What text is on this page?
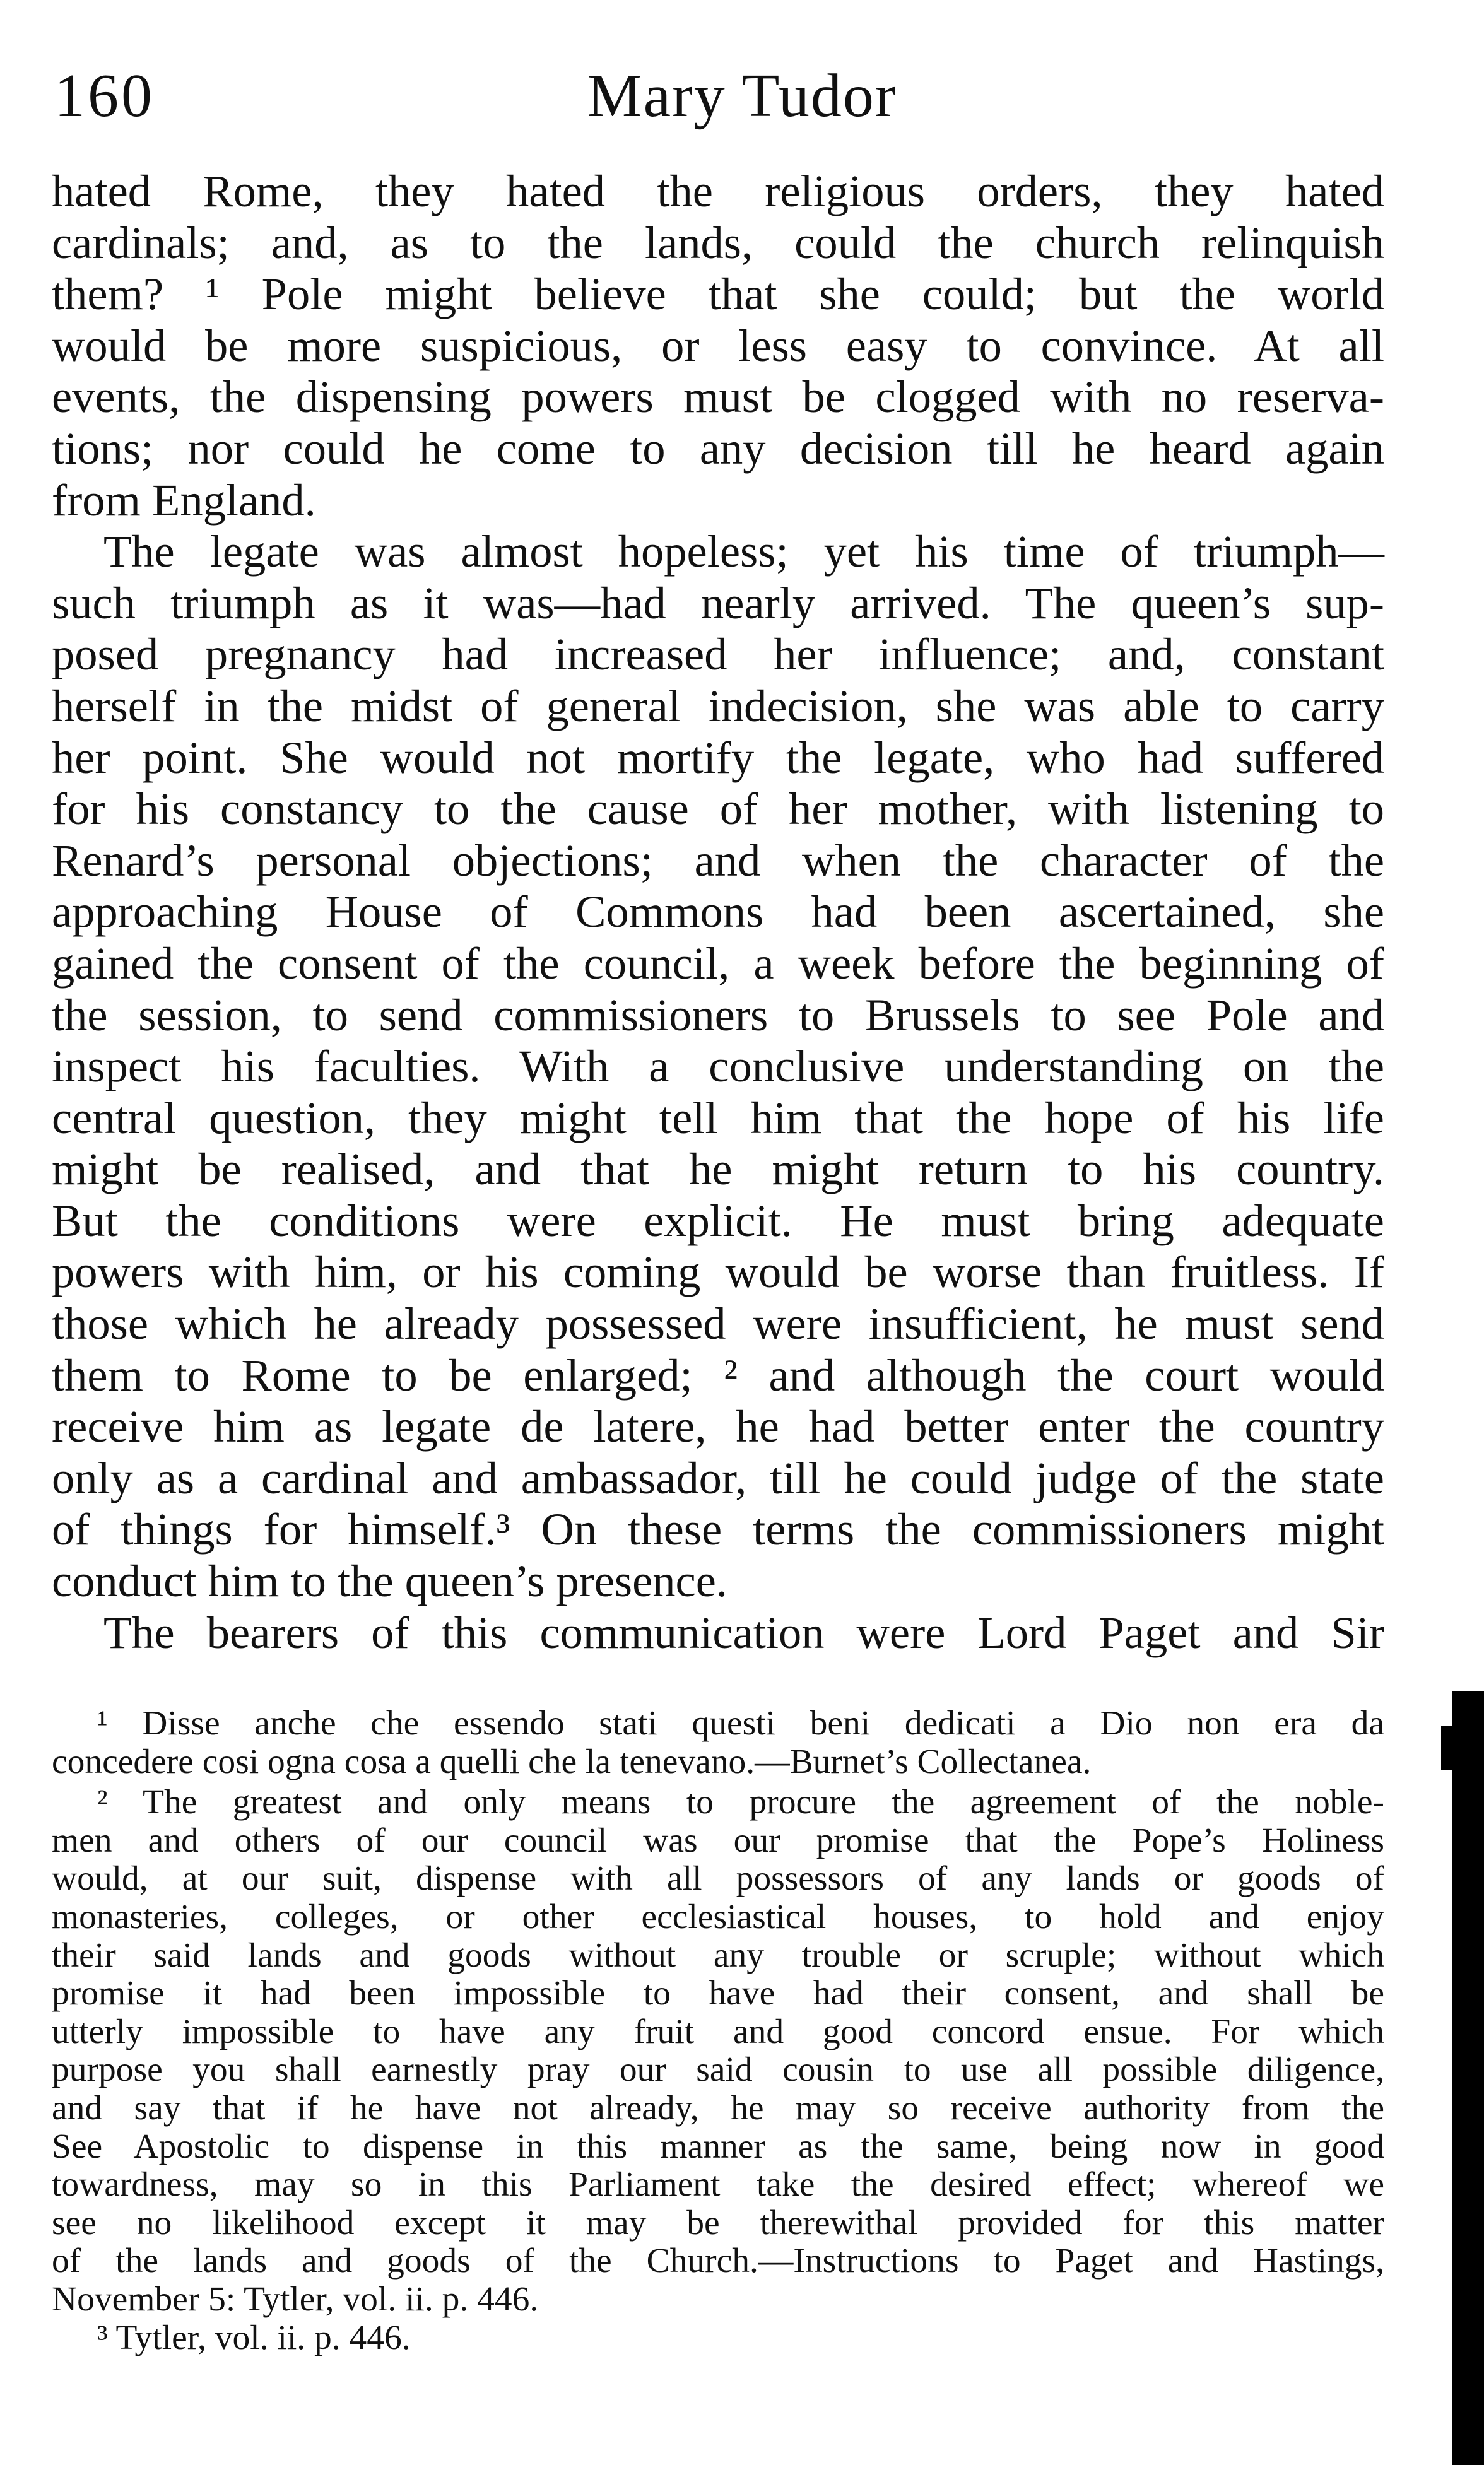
160	Mary Tudor
hated Rome, they hated the religious orders, they hated
cardinals; and, as to the lands, could the church relinquish
them? ¹ Pole might believe that she could; but the world
would be more suspicious, or less easy to convince. At all
events, the dispensing powers must be clogged with no reserva-
tions; nor could he come to any decision till he heard again
from England.
The legate was almost hopeless; yet his time of triumph—
such triumph as it was—had nearly arrived. The queen’s sup-
posed pregnancy had increased her influence; and, constant
herself in the midst of general indecision, she was able to carry
her point. She would not mortify the legate, who had suffered
for his constancy to the cause of her mother, with listening to
Renard’s personal objections; and when the character of the
approaching House of Commons had been ascertained, she
gained the consent of the council, a week before the beginning of
the session, to send commissioners to Brussels to see Pole and
inspect his faculties. With a conclusive understanding on the
central question, they might tell him that the hope of his life
might be realised, and that he might return to his country.
But the conditions were explicit. He must bring adequate
powers with him, or his coming would be worse than fruitless. If
those which he already possessed were insufficient, he must send
them to Rome to be enlarged; ² and although the court would
receive him as legate de latere, he had better enter the country
only as a cardinal and ambassador, till he could judge of the state
of things for himself.³ On these terms the commissioners might
conduct him to the queen’s presence.
The bearers of this communication were Lord Paget and Sir
¹ Disse anche che essendo stati questi beni dedicati a Dio non era da
concedere cosi ogna cosa a quelli che la tenevano.—Burnet’s Collectanea.
² The greatest and only means to procure the agreement of the noble-
men and others of our council was our promise that the Pope’s Holiness
would, at our suit, dispense with all possessors of any lands or goods of
monasteries, colleges, or other ecclesiastical houses, to hold and enjoy
their said lands and goods without any trouble or scruple; without which
promise it had been impossible to have had their consent, and shall be
utterly impossible to have any fruit and good concord ensue. For which
purpose you shall earnestly pray our said cousin to use all possible diligence,
and say that if he have not already, he may so receive authority from the
See Apostolic to dispense in this manner as the same, being now in good
towardness, may so in this Parliament take the desired effect; whereof we
see no likelihood except it may be therewithal provided for this matter
of the lands and goods of the Church.—Instructions to Paget and Hastings,
November 5: Tytler, vol. ii. p. 446.
³ Tytler, vol. ii. p. 446.
